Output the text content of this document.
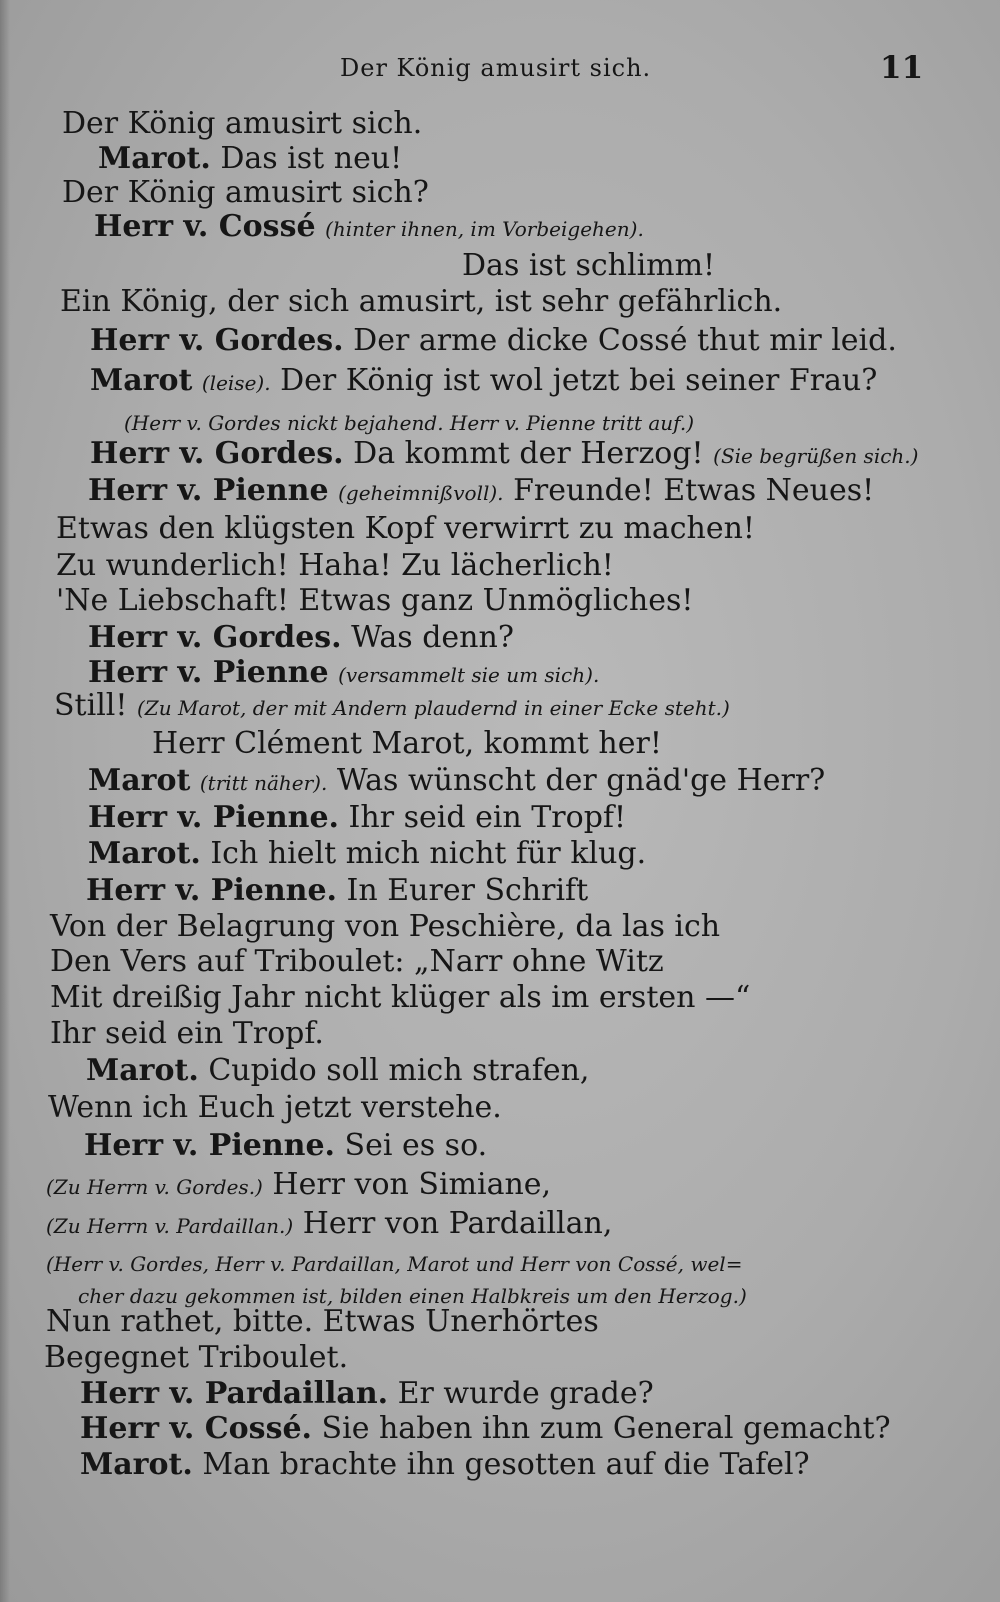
Der König amusirt sich.	11
Der König amusirt sich.
Marot. Das ist neu!
Der König amusirt sich?
Herr v. Cossé (hinter ihnen, im Vorbeigehen).
Das ist schlimm!
Ein König, der sich amusirt, ist sehr gefährlich.
Herr v. Gordes. Der arme dicke Cossé thut mir leid.
Marot (leise). Der König ist wol jetzt bei seiner Frau?
(Herr v. Gordes nickt bejahend. Herr v. Pienne tritt auf.)
Herr v. Gordes. Da kommt der Herzog! (Sie begrüßen sich.)
Herr v. Pienne (geheimnißvoll). Freunde! Etwas Neues!
Etwas den klügsten Kopf verwirrt zu machen!
Zu wunderlich! Haha! Zu lächerlich!
'Ne Liebschaft! Etwas ganz Unmögliches!
Herr v. Gordes. Was denn?
Herr v. Pienne (versammelt sie um sich).
Still! (Zu Marot, der mit Andern plaudernd in einer Ecke steht.)
Herr Clément Marot, kommt her!
Marot (tritt näher). Was wünscht der gnäd'ge Herr?
Herr v. Pienne. Ihr seid ein Tropf!
Marot. Ich hielt mich nicht für klug.
Herr v. Pienne. In Eurer Schrift
Von der Belagrung von Peschière, da las ich
Den Vers auf Triboulet: „Narr ohne Witz
Mit dreißig Jahr nicht klüger als im ersten —“
Ihr seid ein Tropf.
Marot. Cupido soll mich strafen,
Wenn ich Euch jetzt verstehe.
Herr v. Pienne. Sei es so.
(Zu Herrn v. Gordes.) Herr von Simiane,
(Zu Herrn v. Pardaillan.) Herr von Pardaillan,
(Herr v. Gordes, Herr v. Pardaillan, Marot und Herr von Cossé, wel=
cher dazu gekommen ist, bilden einen Halbkreis um den Herzog.)
Nun rathet, bitte. Etwas Unerhörtes
Begegnet Triboulet.
Herr v. Pardaillan. Er wurde grade?
Herr v. Cossé. Sie haben ihn zum General gemacht?
Marot. Man brachte ihn gesotten auf die Tafel?
